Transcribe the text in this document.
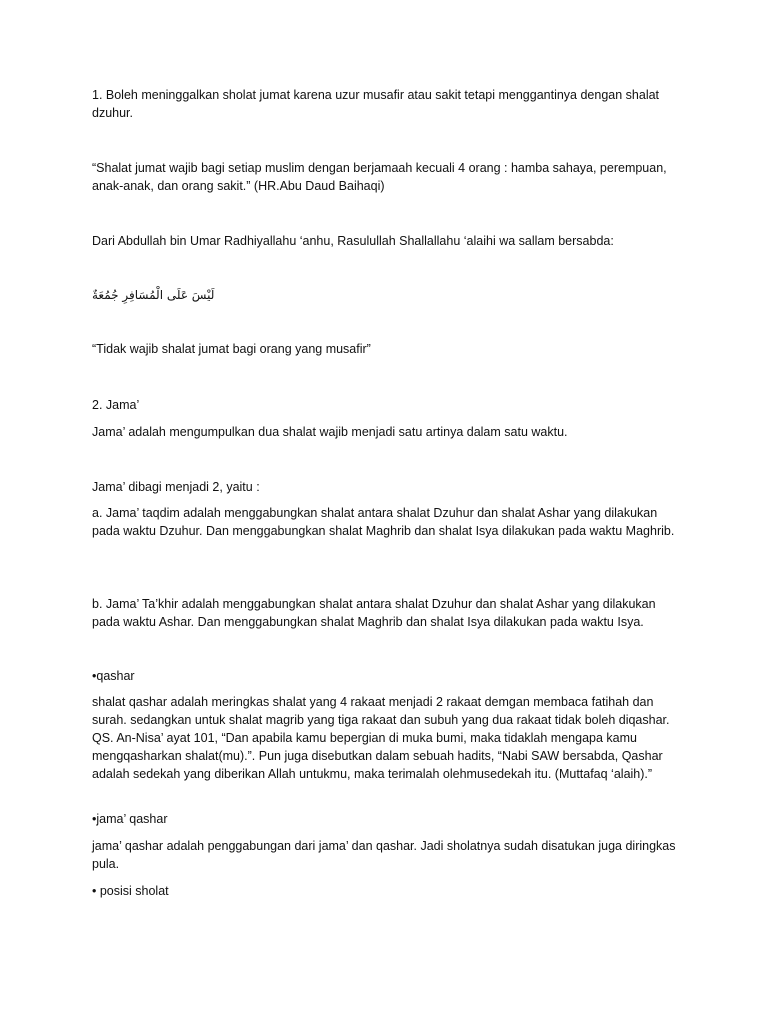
1. Boleh meninggalkan sholat jumat karena uzur musafir atau sakit tetapi menggantinya dengan shalat dzuhur.

“Shalat jumat wajib bagi setiap muslim dengan berjamaah kecuali 4 orang : hamba sahaya, perempuan, anak-anak, dan orang sakit.” (HR.Abu Daud Baihaqi)

Dari Abdullah bin Umar Radhiyallahu ‘anhu, Rasulullah Shallallahu ‘alaihi wa sallam bersabda:

لَيْسَ عَلَى الْمُسَافِرِ جُمُعَةٌ

“Tidak wajib shalat jumat bagi orang yang musafir”

2. Jama’

Jama’ adalah mengumpulkan dua shalat wajib menjadi satu artinya dalam satu waktu.

Jama’ dibagi menjadi 2, yaitu :

a. Jama’ taqdim adalah menggabungkan shalat antara shalat Dzuhur dan shalat Ashar yang dilakukan pada waktu Dzuhur. Dan menggabungkan shalat Maghrib dan shalat Isya dilakukan pada waktu Maghrib.

b. Jama’ Ta’khir adalah menggabungkan shalat antara shalat Dzuhur dan shalat Ashar yang dilakukan pada waktu Ashar. Dan menggabungkan shalat Maghrib dan shalat Isya dilakukan pada waktu Isya.

•qashar

shalat qashar adalah meringkas shalat yang 4 rakaat menjadi 2 rakaat demgan membaca fatihah dan surah. sedangkan untuk shalat magrib yang tiga rakaat dan subuh yang dua rakaat tidak boleh diqashar. QS. An-Nisa’ ayat 101, “Dan apabila kamu bepergian di muka bumi, maka tidaklah mengapa kamu mengqasharkan shalat(mu).”. Pun juga disebutkan dalam sebuah hadits, “Nabi SAW bersabda, Qashar adalah sedekah yang diberikan Allah untukmu, maka terimalah olehmusedekah itu. (Muttafaq ‘alaih).”

•jama’ qashar

jama’ qashar adalah penggabungan dari jama’ dan qashar. Jadi sholatnya sudah disatukan juga diringkas pula.

• posisi sholat
